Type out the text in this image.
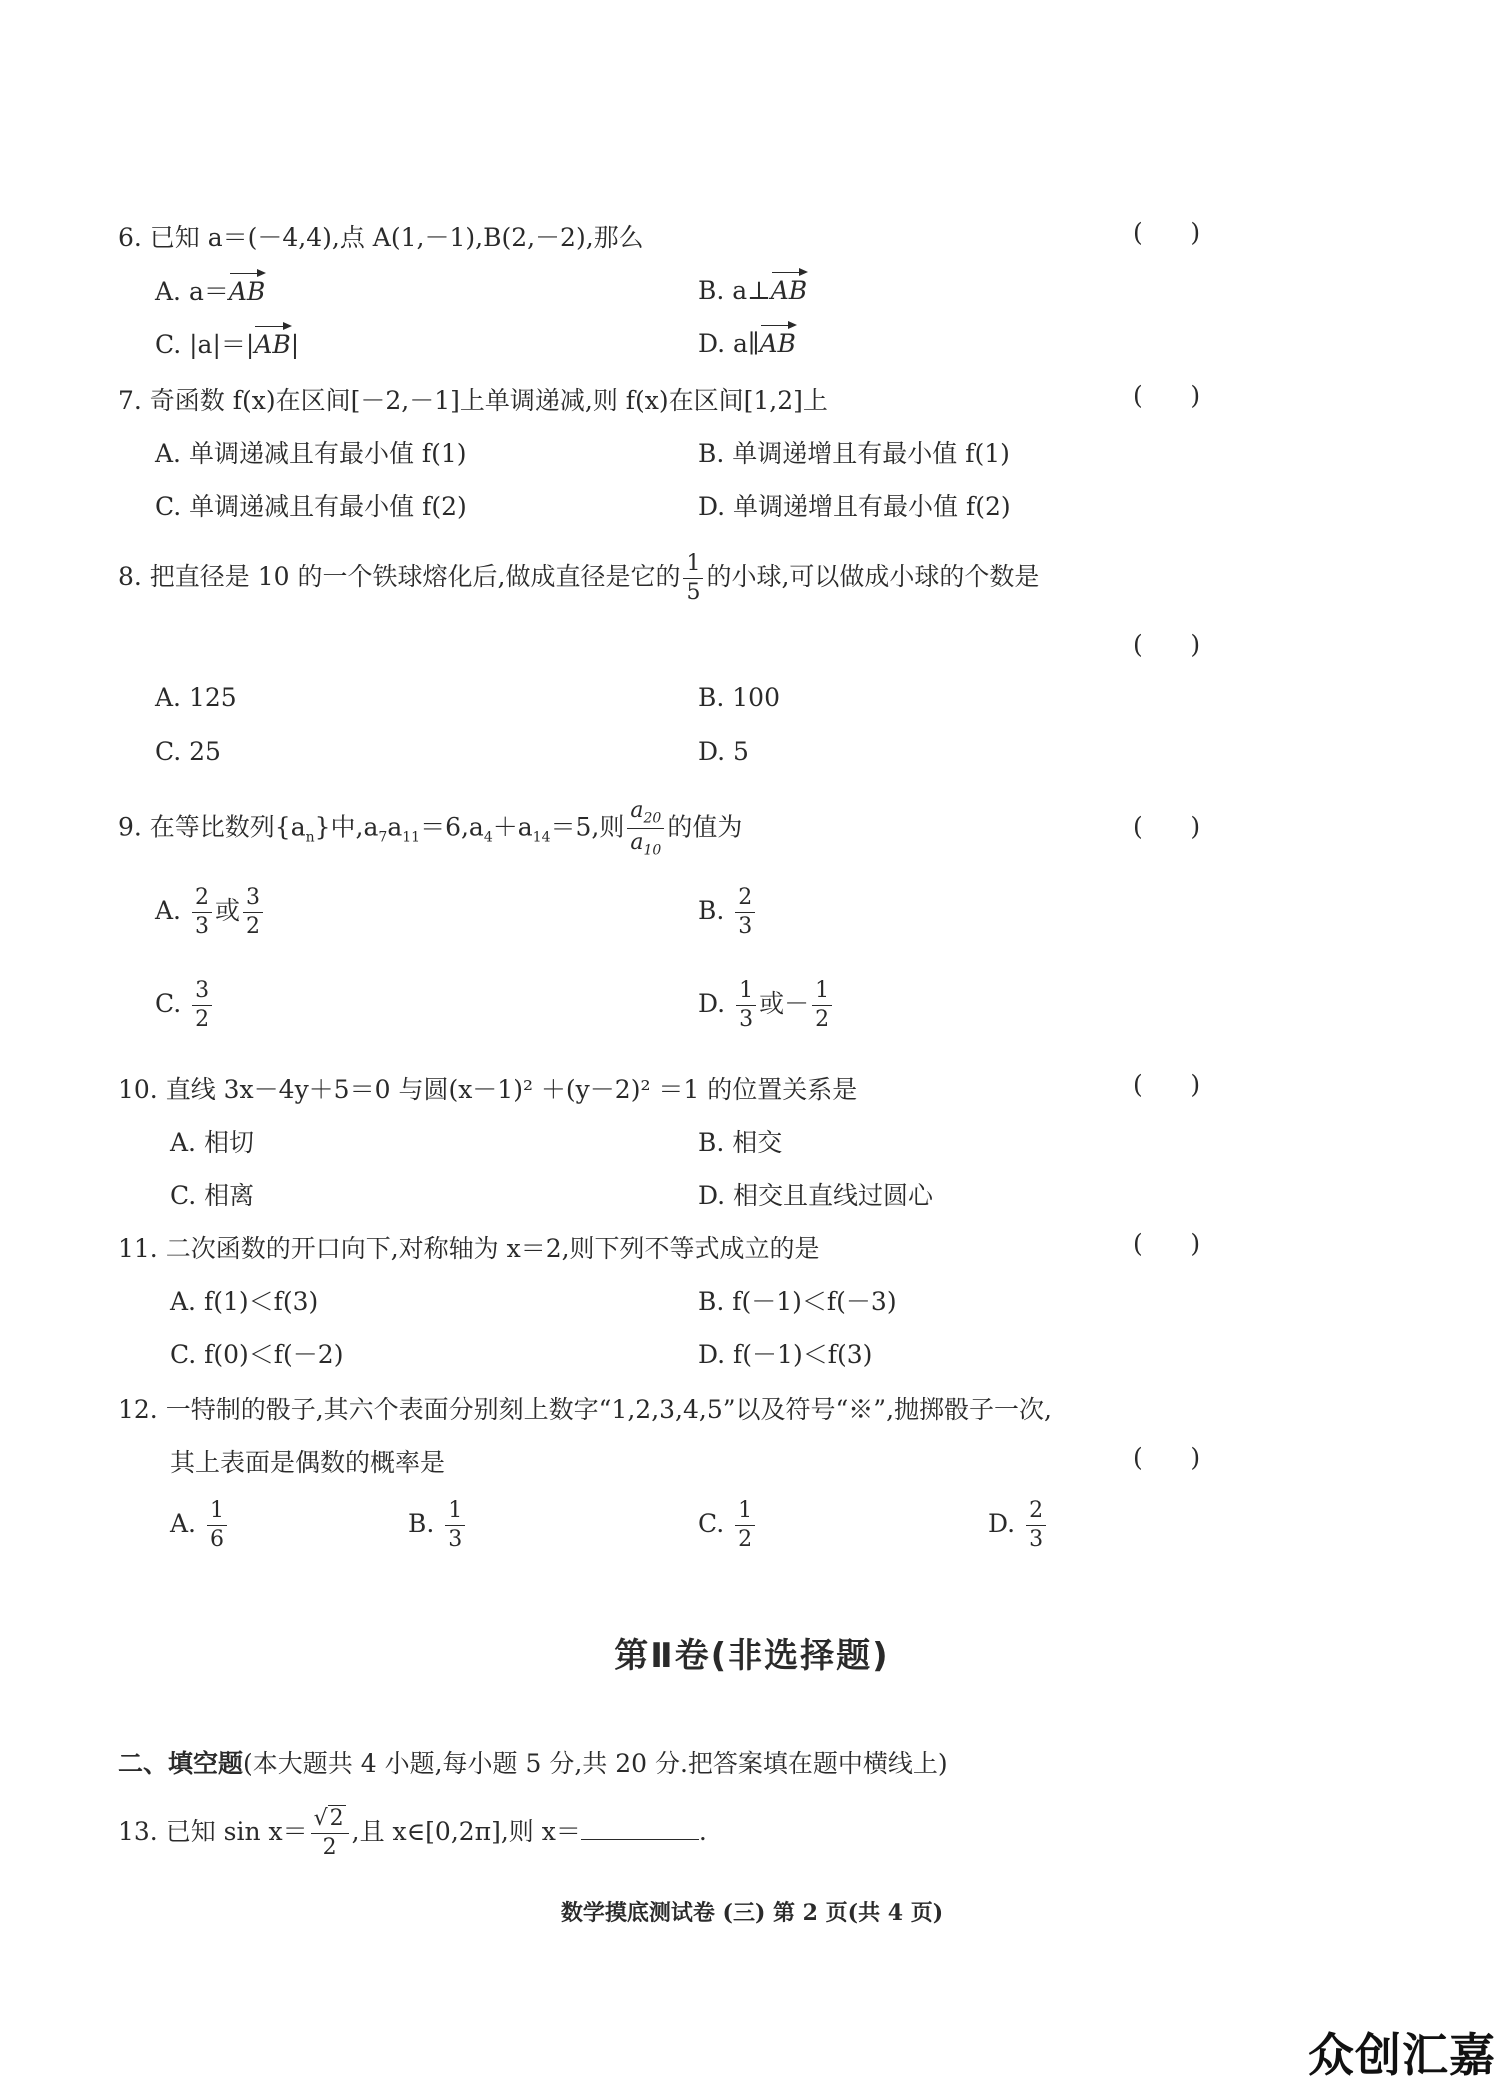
6. 已知 a＝(－4,4),点 A(1,－1),B(2,－2),那么	(      )
A. a＝AB	B. a⊥AB
C. |a|＝|AB|	D. a∥AB
7. 奇函数 f(x)在区间[－2,－1]上单调递减,则 f(x)在区间[1,2]上	(      )
A. 单调递减且有最小值 f(1)	B. 单调递增且有最小值 f(1)
C. 单调递减且有最小值 f(2)	D. 单调递增且有最小值 f(2)
8. 把直径是 10 的一个铁球熔化后,做成直径是它的 $\frac{1}{5}$ 的小球,可以做成小球的个数是
(      )
A. 125	B. 100
C. 25	D. 5
9. 在等比数列$\{a_n\}$中$,a_7a_{11}=6,a_4+a_{14}=5$,则 $\frac{a_{20}}{a_{10}}$ 的值为	(      )
A. $\frac{2}{3}$ 或 $\frac{3}{2}$	B. $\frac{2}{3}$
C. $\frac{3}{2}$	D. $\frac{1}{3}$ 或－ $\frac{1}{2}$
10. 直线 3x－4y＋5＝0 与圆(x－1)² ＋(y－2)² ＝1 的位置关系是	(      )
A. 相切	B. 相交
C. 相离	D. 相交且直线过圆心
11. 二次函数的开口向下,对称轴为 x＝2,则下列不等式成立的是	(      )
A. f(1)＜f(3)	B. f(－1)＜f(－3)
C. f(0)＜f(－2)	D. f(－1)＜f(3)
12. 一特制的骰子,其六个表面分别刻上数字“1,2,3,4,5”以及符号“※”,抛掷骰子一次,
其上表面是偶数的概率是	(      )
A. $\frac{1}{6}$	B. $\frac{1}{3}$	C. $\frac{1}{2}$	D. $\frac{2}{3}$
第Ⅱ卷(非选择题)
二、填空题(本大题共 4 小题,每小题 5 分,共 20 分.把答案填在题中横线上)
13. 已知 $\sin x= \frac{√2}{2}$ ,且 x∈[0,2π],则 x＝	.
数学摸底测试卷 (三) 第 2 页(共 4 页)
众创汇嘉
